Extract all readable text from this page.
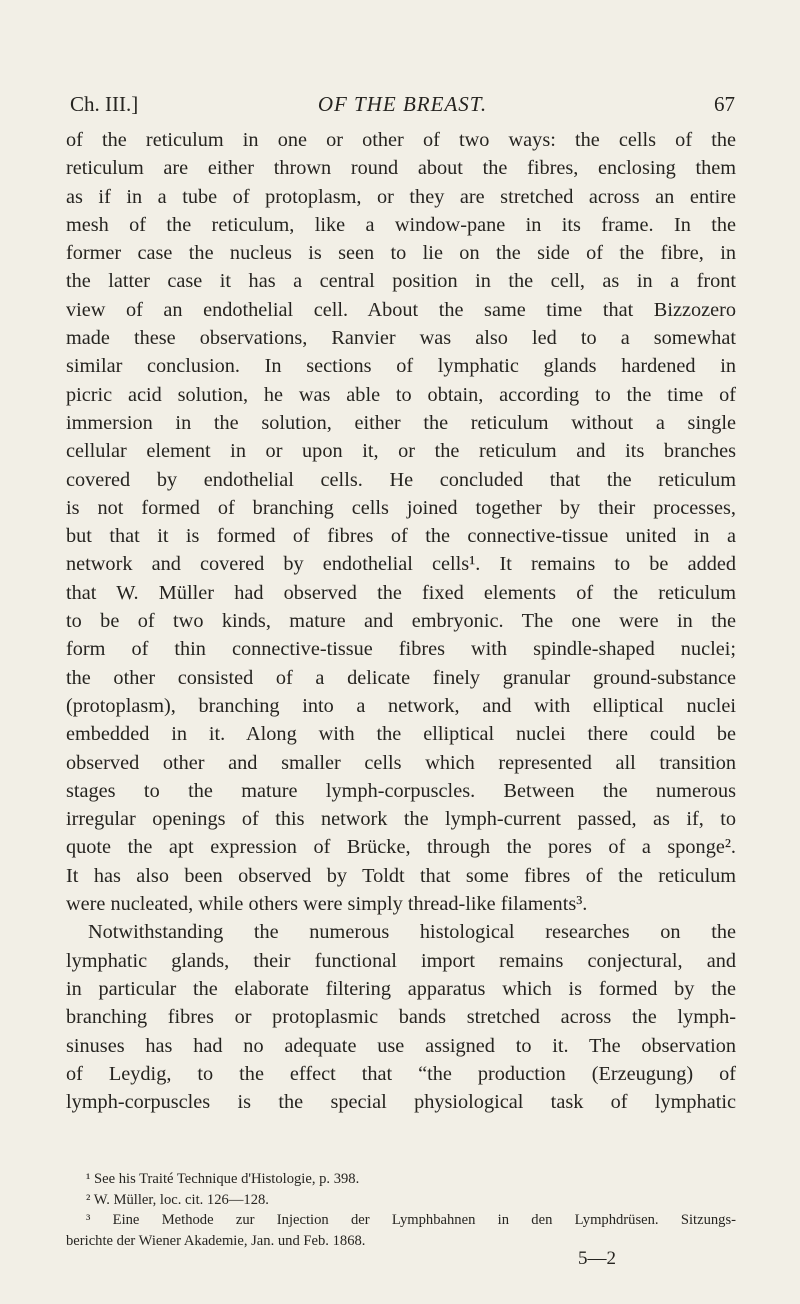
Ch. III.]	OF THE BREAST.	67
of the reticulum in one or other of two ways: the cells of the
reticulum are either thrown round about the fibres, enclosing them
as if in a tube of protoplasm, or they are stretched across an entire
mesh of the reticulum, like a window-pane in its frame. In the
former case the nucleus is seen to lie on the side of the fibre, in
the latter case it has a central position in the cell, as in a front
view of an endothelial cell. About the same time that Bizzozero
made these observations, Ranvier was also led to a somewhat
similar conclusion. In sections of lymphatic glands hardened in
picric acid solution, he was able to obtain, according to the time of
immersion in the solution, either the reticulum without a single
cellular element in or upon it, or the reticulum and its branches
covered by endothelial cells. He concluded that the reticulum
is not formed of branching cells joined together by their processes,
but that it is formed of fibres of the connective-tissue united in a
network and covered by endothelial cells¹. It remains to be added
that W. Müller had observed the fixed elements of the reticulum
to be of two kinds, mature and embryonic. The one were in the
form of thin connective-tissue fibres with spindle-shaped nuclei;
the other consisted of a delicate finely granular ground-substance
(protoplasm), branching into a network, and with elliptical nuclei
embedded in it. Along with the elliptical nuclei there could be
observed other and smaller cells which represented all transition
stages to the mature lymph-corpuscles. Between the numerous
irregular openings of this network the lymph-current passed, as if, to
quote the apt expression of Brücke, through the pores of a sponge².
It has also been observed by Toldt that some fibres of the reticulum
were nucleated, while others were simply thread-like filaments³.
Notwithstanding the numerous histological researches on the
lymphatic glands, their functional import remains conjectural, and
in particular the elaborate filtering apparatus which is formed by the
branching fibres or protoplasmic bands stretched across the lymph-
sinuses has had no adequate use assigned to it. The observation
of Leydig, to the effect that “the production (Erzeugung) of
lymph-corpuscles is the special physiological task of lymphatic
¹ See his Traité Technique d'Histologie, p. 398.
² W. Müller, loc. cit. 126—128.
³ Eine Methode zur Injection der Lymphbahnen in den Lymphdrüsen. Sitzungs-
berichte der Wiener Akademie, Jan. und Feb. 1868.
5—2
